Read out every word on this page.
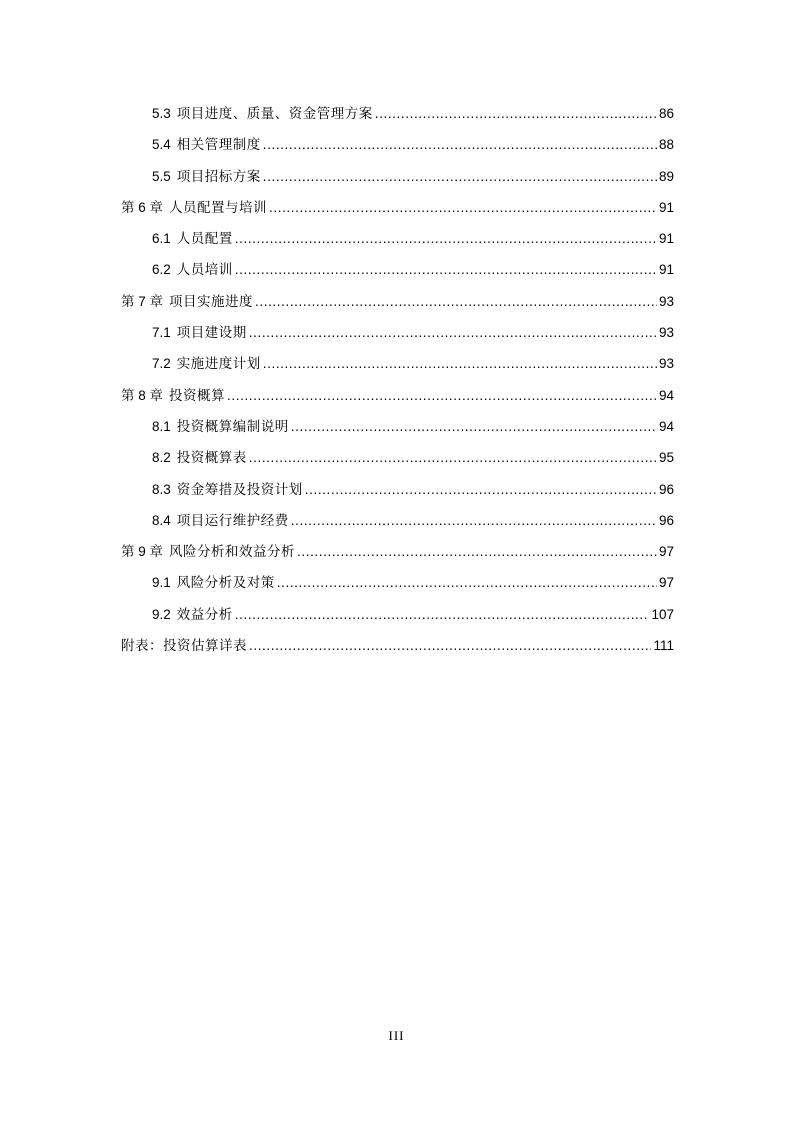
5.3 项目进度、质量、资金管理方案 .....	86
5.4 相关管理制度 .....	88
5.5 项目招标方案 .....	89
第 6 章 人员配置与培训 .....	91
6.1 人员配置 .....	91
6.2 人员培训 .....	91
第 7 章 项目实施进度 .....	93
7.1 项目建设期 .....	93
7.2 实施进度计划 .....	93
第 8 章 投资概算 .....	94
8.1 投资概算编制说明 .....	94
8.2 投资概算表 .....	95
8.3 资金筹措及投资计划 .....	96
8.4 项目运行维护经费 .....	96
第 9 章 风险分析和效益分析 .....	97
9.1 风险分析及对策 .....	97
9.2 效益分析 .....	107
附表：投资估算详表 .....	111
III
